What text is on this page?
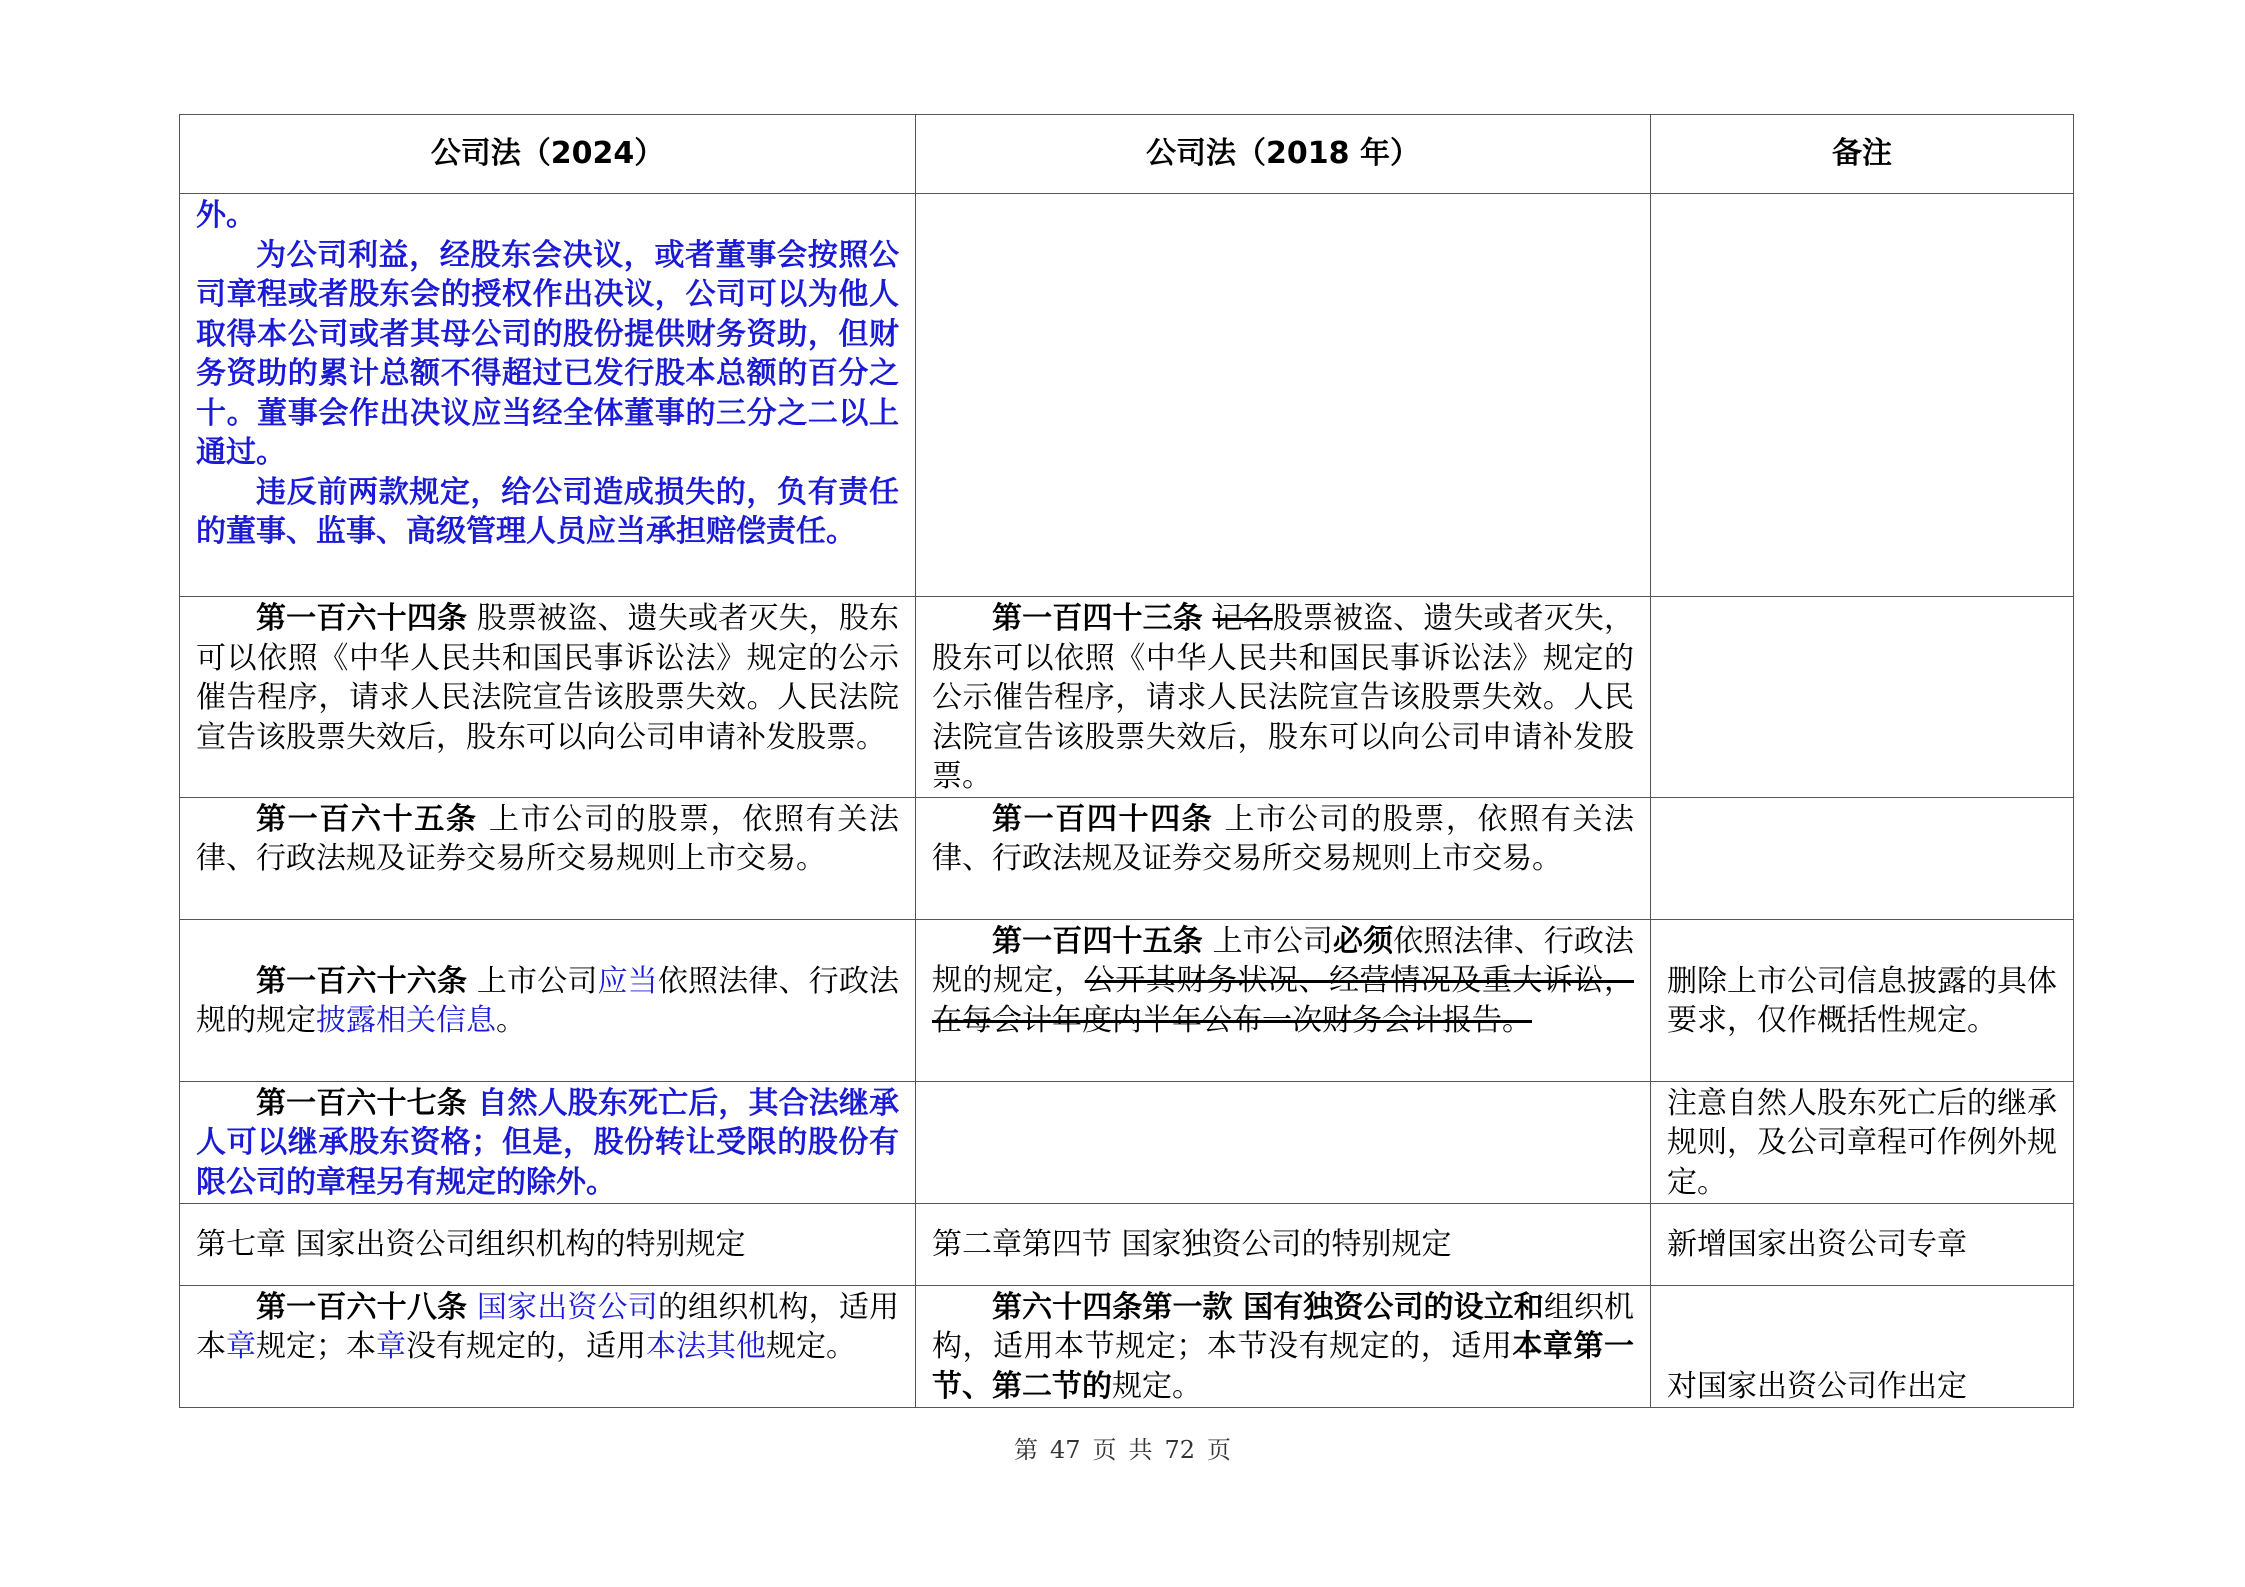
公司法（2024）	公司法（2018 年）	备注

外。

为公司利益，经股东会决议，或者董事会按照公司章程或者股东会的授权作出决议，公司可以为他人取得本公司或者其母公司的股份提供财务资助，但财务资助的累计总额不得超过已发行股本总额的百分之十。董事会作出决议应当经全体董事的三分之二以上通过。

违反前两款规定，给公司造成损失的，负有责任的董事、监事、高级管理人员应当承担赔偿责任。		

第一百六十四条 股票被盗、遗失或者灭失，股东可以依照《中华人民共和国民事诉讼法》规定的公示催告程序，请求人民法院宣告该股票失效。人民法院宣告该股票失效后，股东可以向公司申请补发股票。	第一百四十三条 记名股票被盗、遗失或者灭失，股东可以依照《中华人民共和国民事诉讼法》规定的公示催告程序，请求人民法院宣告该股票失效。人民法院宣告该股票失效后，股东可以向公司申请补发股票。	

第一百六十五条 上市公司的股票，依照有关法律、行政法规及证券交易所交易规则上市交易。	第一百四十四条 上市公司的股票，依照有关法律、行政法规及证券交易所交易规则上市交易。	

第一百六十六条 上市公司应当依照法律、行政法规的规定披露相关信息。	第一百四十五条 上市公司必须依照法律、行政法规的规定，公开其财务状况、经营情况及重大诉讼，在每会计年度内半年公布一次财务会计报告。	删除上市公司信息披露的具体要求，仅作概括性规定。

第一百六十七条 自然人股东死亡后，其合法继承人可以继承股东资格；但是，股份转让受限的股份有限公司的章程另有规定的除外。		注意自然人股东死亡后的继承规则，及公司章程可作例外规定。

第七章 国家出资公司组织机构的特别规定	第二章第四节 国家独资公司的特别规定	新增国家出资公司专章

第一百六十八条 国家出资公司的组织机构，适用本章规定；本章没有规定的，适用本法其他规定。	第六十四条第一款 国有独资公司的设立和组织机构，适用本节规定；本节没有规定的，适用本章第一节、第二节的规定。	对国家出资公司作出定

第 47 页 共 72 页
